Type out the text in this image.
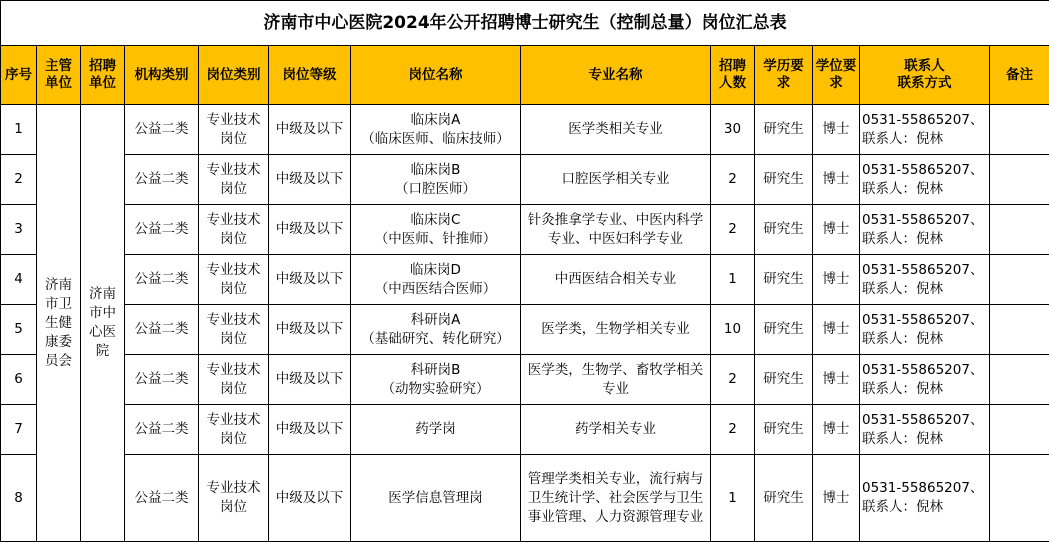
济南市中心医院2024年公开招聘博士研究生（控制总量）岗位汇总表												
序号	主管单位	招聘单位	机构类别	岗位类别	岗位等级	岗位名称	专业名称	招聘人数	学历要求	学位要求	联系人
联系方式	备注
1	济南市卫生健康委员会	济南市中心医院	公益二类	专业技术岗位	中级及以下	临床岗A
（临床医师、临床技师）	医学类相关专业	30	研究生	博士	0531-55865207、
联系人：倪林	
2			公益二类	专业技术岗位	中级及以下	临床岗B
（口腔医师）	口腔医学相关专业	2	研究生	博士	0531-55865207、
联系人：倪林	
3			公益二类	专业技术岗位	中级及以下	临床岗C
（中医师、针推师）	针灸推拿学专业、中医内科学专业、中医妇科学专业	2	研究生	博士	0531-55865207、
联系人：倪林	
4			公益二类	专业技术岗位	中级及以下	临床岗D
（中西医结合医师）	中西医结合相关专业	1	研究生	博士	0531-55865207、
联系人：倪林	
5			公益二类	专业技术岗位	中级及以下	科研岗A
（基础研究、转化研究）	医学类，生物学相关专业	10	研究生	博士	0531-55865207、
联系人：倪林	
6			公益二类	专业技术岗位	中级及以下	科研岗B
（动物实验研究）	医学类，生物学、畜牧学相关专业	2	研究生	博士	0531-55865207、
联系人：倪林	
7			公益二类	专业技术岗位	中级及以下	药学岗	药学相关专业	2	研究生	博士	0531-55865207、
联系人：倪林	
8			公益二类	专业技术岗位	中级及以下	医学信息管理岗	管理学类相关专业，流行病与卫生统计学、社会医学与卫生事业管理、人力资源管理专业	1	研究生	博士	0531-55865207、
联系人：倪林	
